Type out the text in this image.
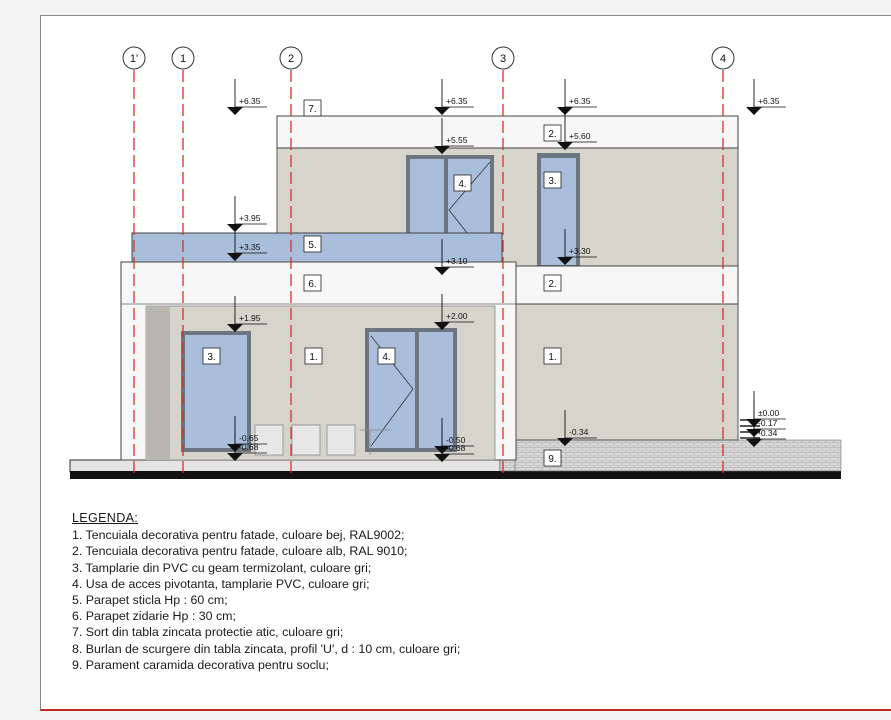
1'	1	2	3	4
+6.35	+6.35	+6.35	+6.35
+5.55	+5.60
+3.95
+3.35	+3.30
+3.10
+1.95	+2.00
-0.65
-0.68
-0.50
-0.68
-0.34
±0.00
-0.17
-0.34
7.
2.
4.	3.
5.
6.	2.
3.	1.	4.	1.
9.
LEGENDA:
1. Tencuiala decorativa pentru fatade, culoare bej, RAL9002;
2. Tencuiala decorativa pentru fatade, culoare alb, RAL 9010;
3. Tamplarie din PVC cu geam termizolant, culoare gri;
4. Usa de acces pivotanta, tamplarie PVC, culoare gri;
5. Parapet sticla Hp : 60 cm;
6. Parapet zidarie Hp : 30 cm;
7. Sort din tabla zincata protectie atic, culoare gri;
8. Burlan de scurgere din tabla zincata, profil 'U', d : 10 cm, culoare gri;
9. Parament caramida decorativa pentru soclu;
